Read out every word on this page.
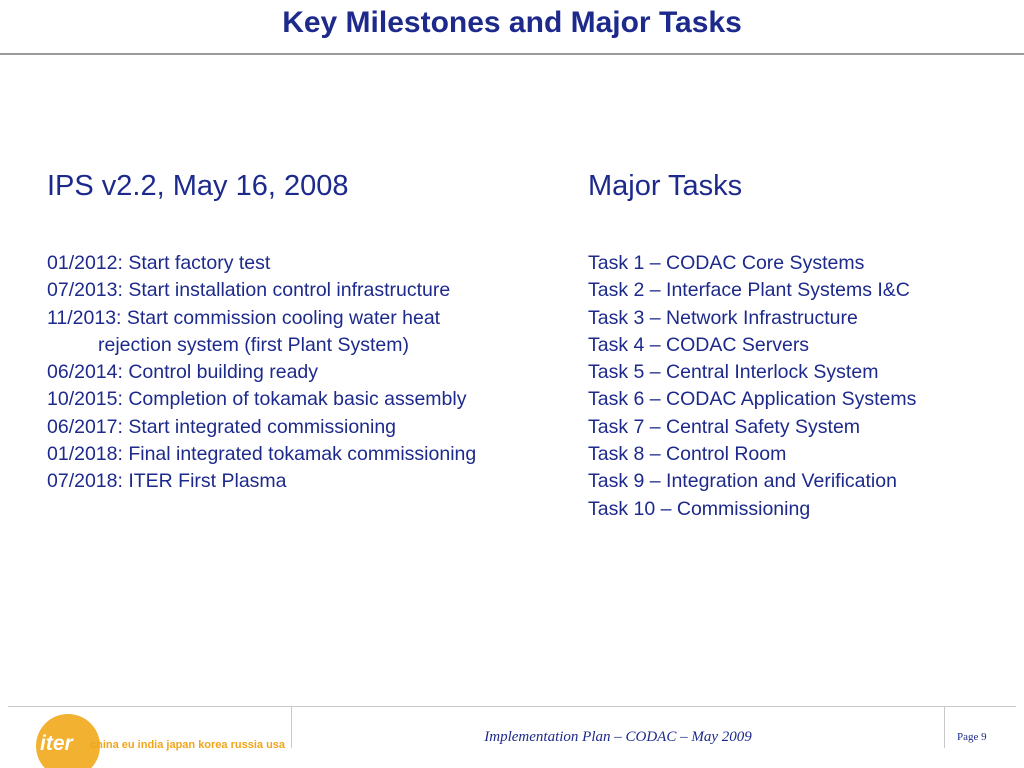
Key Milestones and Major Tasks
IPS v2.2, May 16, 2008
01/2012: Start factory test
07/2013: Start installation control infrastructure
11/2013: Start commission cooling water heat
rejection system (first Plant System)
06/2014: Control building ready
10/2015: Completion of tokamak basic assembly
06/2017: Start integrated commissioning
01/2018: Final integrated tokamak commissioning
07/2018: ITER First Plasma
Major Tasks
Task 1 – CODAC Core Systems
Task 2 – Interface Plant Systems I&C
Task 3 – Network Infrastructure
Task 4 – CODAC Servers
Task 5 – Central Interlock System
Task 6 – CODAC Application Systems
Task 7 – Central Safety System
Task 8 – Control Room
Task 9 – Integration and Verification
Task 10 – Commissioning
iter china eu india japan korea russia usa	Implementation Plan – CODAC – May 2009	Page 9
